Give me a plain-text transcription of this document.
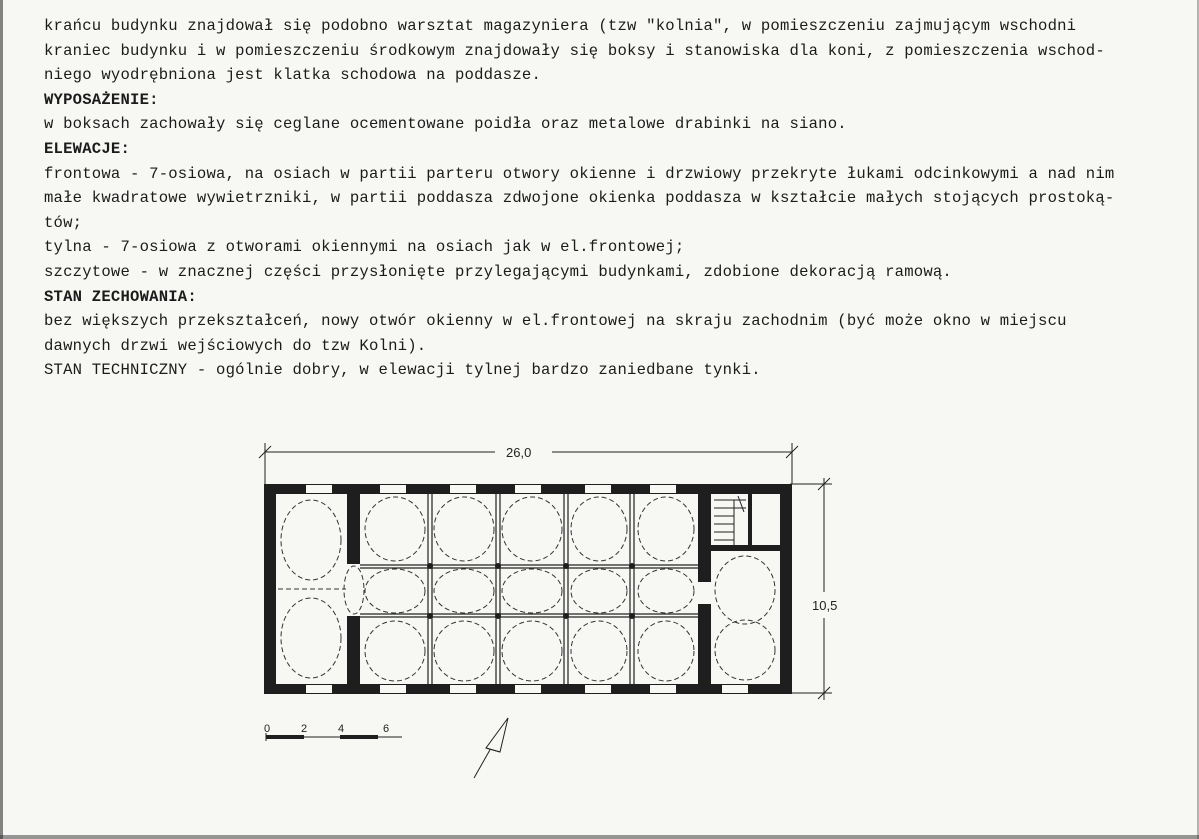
krańcu budynku znajdował się podobno warsztat magazyniera (tzw "kolnia", w pomieszczeniu zajmującym wschodni
kraniec budynku i w pomieszczeniu środkowym znajdowały się boksy i stanowiska dla koni, z pomieszczenia wschod-
niego wyodrębniona jest klatka schodowa na poddasze.
WYPOSAŻENIE:
w boksach zachowały się ceglane ocementowane poidła oraz metalowe drabinki na siano.
ELEWACJE:
frontowa - 7-osiowa, na osiach w partii parteru otwory okienne i drzwiowy przekryte łukami odcinkowymi a nad nim
małe kwadratowe wywietrzniki, w partii poddasza zdwojone okienka poddasza w kształcie małych stojących prostoką-
tów;
tylna - 7-osiowa z otworami okiennymi na osiach jak w el.frontowej;
szczytowe - w znacznej części przysłonięte przylegającymi budynkami, zdobione dekoracją ramową.
STAN ZECHOWANIA:
bez większych przekształceń, nowy otwór okienny w el.frontowej na skraju zachodnim (być może okno w miejscu
dawnych drzwi wejściowych do tzw Kolni).
STAN TECHNICZNY - ogólnie dobry, w elewacji tylnej bardzo zaniedbane tynki.
26,0
10,5
0	2	4	6
